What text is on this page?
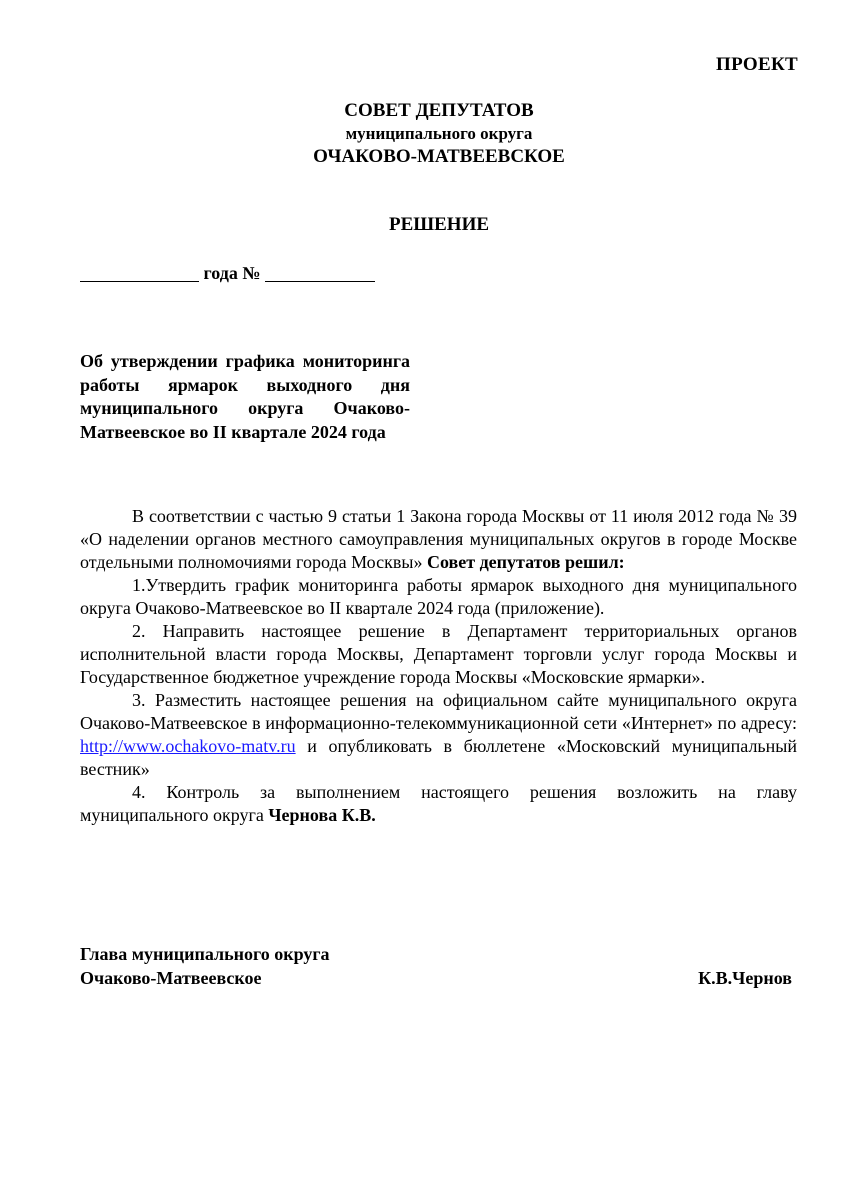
ПРОЕКТ
СОВЕТ ДЕПУТАТОВ
муниципального округа
ОЧАКОВО-МАТВЕЕВСКОЕ
РЕШЕНИЕ
года №
Об утверждении графика мониторинга работы ярмарок выходного дня муниципального округа Очаково-Матвеевское во II квартале 2024 года

В соответствии с частью 9 статьи 1 Закона города Москвы от 11 июля 2012 года № 39 «О наделении органов местного самоуправления муниципальных округов в городе Москве отдельными полномочиями города Москвы» Совет депутатов решил:

1.Утвердить график мониторинга работы ярмарок выходного дня муниципального округа Очаково-Матвеевское во II квартале 2024 года (приложение).

2. Направить настоящее решение в Департамент территориальных органов исполнительной власти города Москвы, Департамент торговли услуг города Москвы и Государственное бюджетное учреждение города Москвы «Московские ярмарки».

3. Разместить настоящее решения на официальном сайте муниципального округа Очаково-Матвеевское в информационно-телекоммуникационной сети «Интернет» по адресу: http://www.ochakovo-matv.ru и опубликовать в бюллетене «Московский муниципальный вестник»

4. Контроль за выполнением настоящего решения возложить на главу муниципального округа Чернова К.В.

Глава муниципального округа
Очаково-Матвеевское	К.В.Чернов
